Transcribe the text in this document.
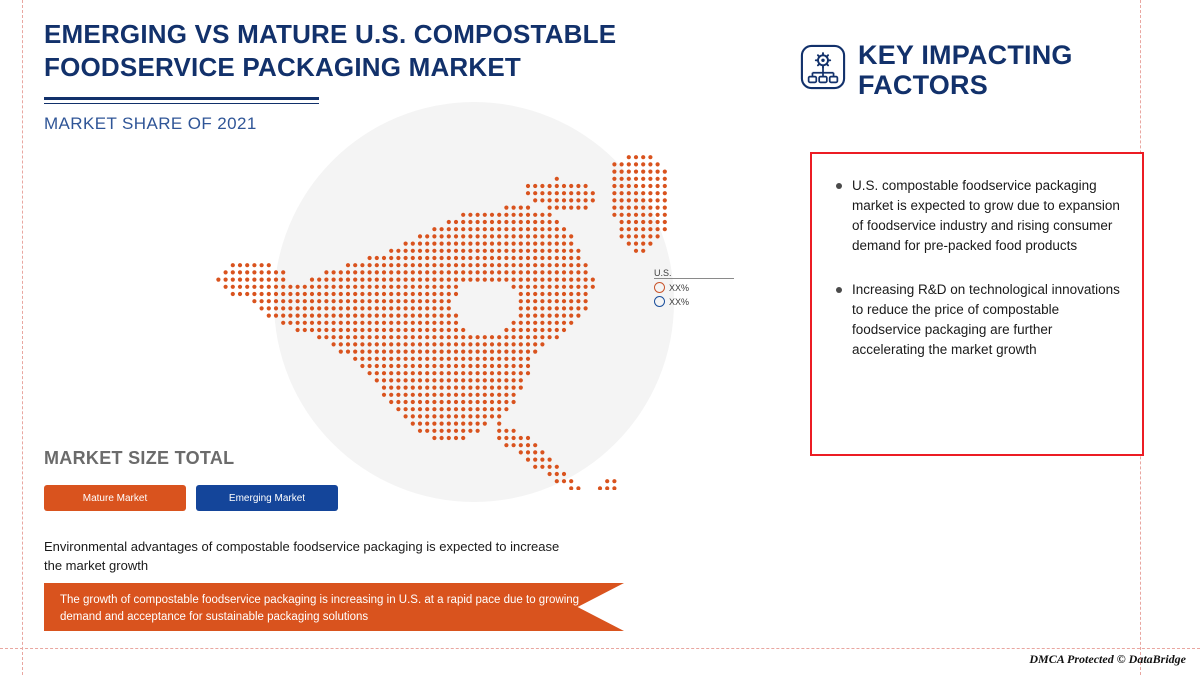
EMERGING VS MATURE U.S. COMPOSTABLE FOODSERVICE PACKAGING MARKET
MARKET SHARE OF 2021
U.S.
XX%
XX%
MARKET SIZE TOTAL
Mature Market	Emerging Market
Environmental advantages of compostable foodservice packaging is expected to increase the market growth
The growth of compostable foodservice packaging is increasing in U.S. at a rapid pace due to growing demand and acceptance for sustainable packaging solutions
KEY IMPACTING FACTORS
U.S. compostable foodservice packaging market is expected to grow due to expansion of foodservice industry and rising consumer demand for pre-packed food products
Increasing R&D on technological innovations to reduce the price of compostable foodservice packaging are further accelerating the market growth
DMCA Protected © DataBridge
